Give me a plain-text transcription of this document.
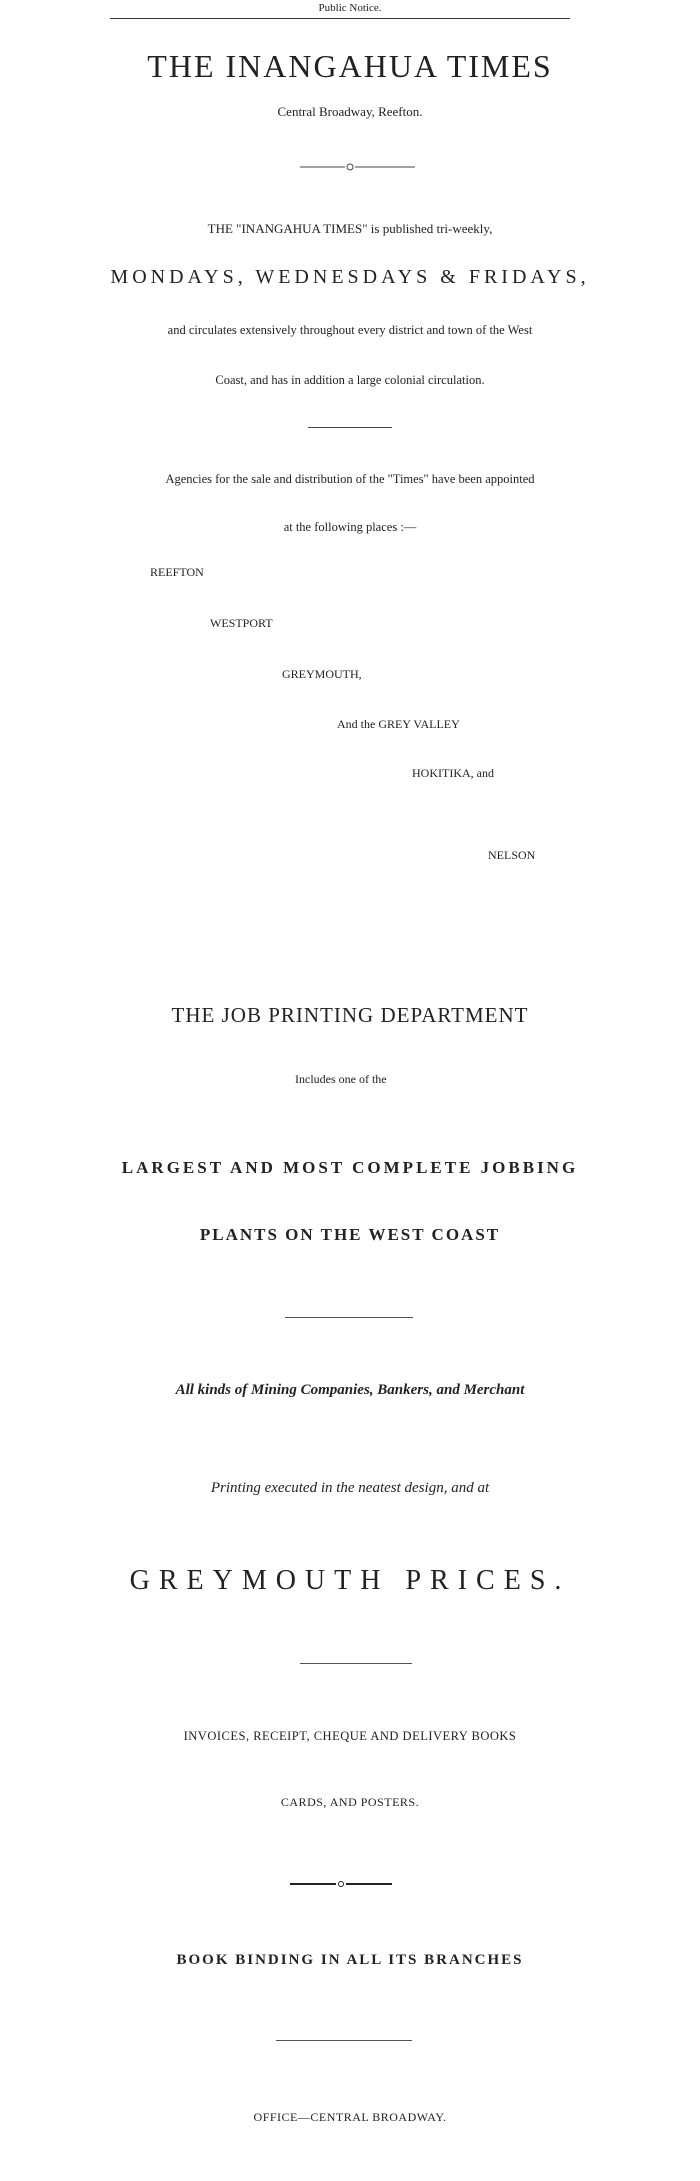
Public Notice.
THE INANGAHUA TIMES
Central Broadway, Reefton.
THE "INANGAHUA TIMES" is published tri-weekly,
MONDAYS, WEDNESDAYS & FRIDAYS,
and circulates extensively throughout every district and town of the West
Coast, and has in addition a large colonial circulation.
Agencies for the sale and distribution of the "Times" have been appointed
at the following places :—
REEFTON
WESTPORT
GREYMOUTH,
And the GREY VALLEY
HOKITIKA, and
NELSON
THE JOB PRINTING DEPARTMENT
Includes one of the
LARGEST AND MOST COMPLETE JOBBING
PLANTS ON THE WEST COAST
All kinds of Mining Companies, Bankers, and Merchant
Printing executed in the neatest design, and at
GREYMOUTH PRICES.
INVOICES, RECEIPT, CHEQUE AND DELIVERY BOOKS
CARDS, AND POSTERS.
BOOK BINDING IN ALL ITS BRANCHES
OFFICE—CENTRAL BROADWAY.
